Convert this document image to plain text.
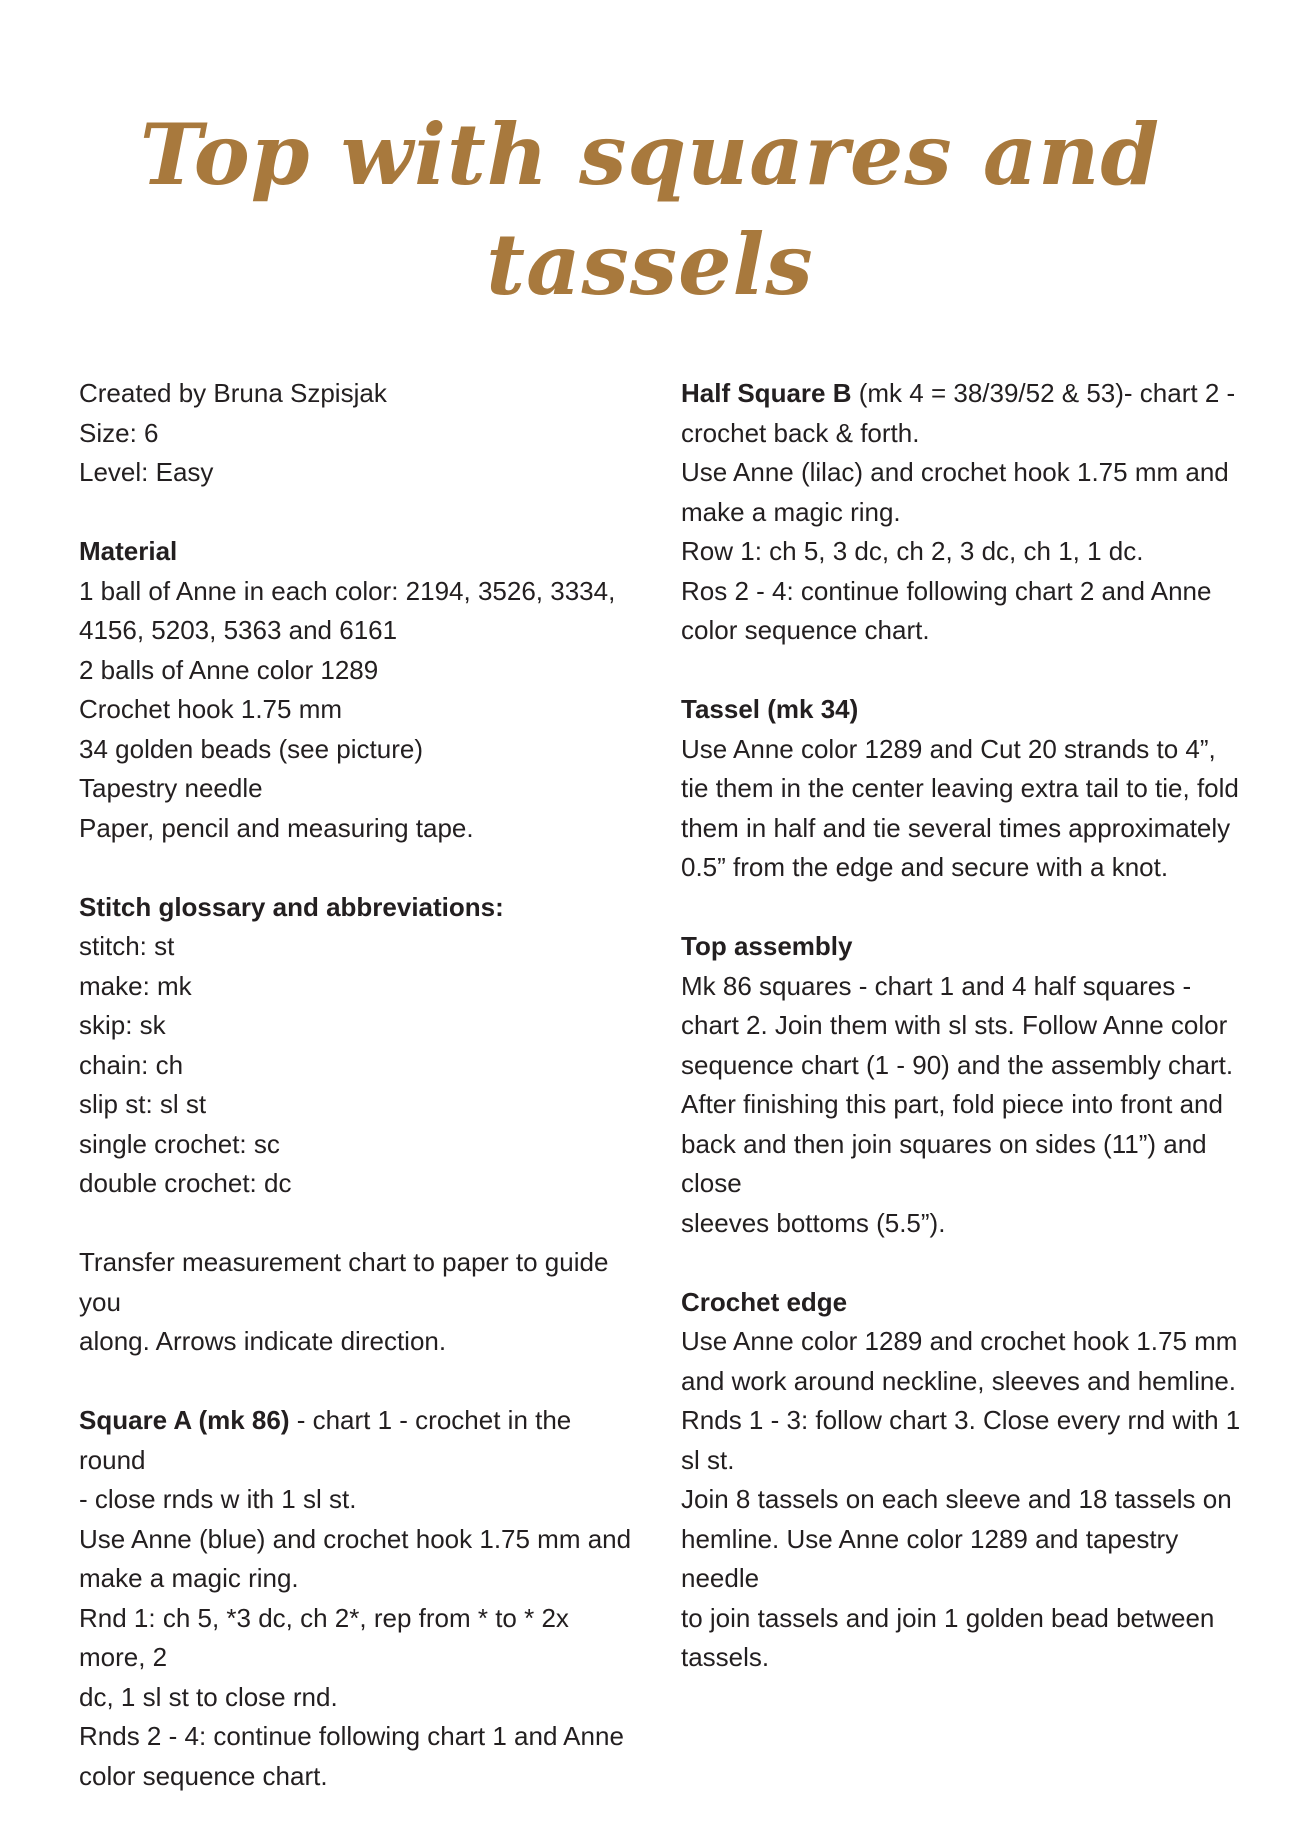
Top with squares and tassels

Created by Bruna Szpisjak

Size: 6

Level: Easy

Material

1 ball of Anne in each color: 2194, 3526, 3334,

4156, 5203, 5363 and 6161

2 balls of Anne color 1289

Crochet hook 1.75 mm

34 golden beads (see picture)

Tapestry needle

Paper, pencil and measuring tape.

Stitch glossary and abbreviations:

stitch: st

make: mk

skip: sk

chain: ch

slip st: sl st

single crochet: sc

double crochet: dc

Transfer measurement chart to paper to guide you

along. Arrows indicate direction.

Square A (mk 86) - chart 1 - crochet in the round

- close rnds w ith 1 sl st.

Use Anne (blue) and crochet hook 1.75 mm and

make a magic ring.

Rnd 1: ch 5, *3 dc, ch 2*, rep from * to * 2x more, 2

dc, 1 sl st to close rnd.

Rnds 2 - 4: continue following chart 1 and Anne

color sequence chart.

Half Square B (mk 4 = 38/39/52 & 53)- chart 2 -

crochet back & forth.

Use Anne (lilac) and crochet hook 1.75 mm and

make a magic ring.

Row 1: ch 5, 3 dc, ch 2, 3 dc, ch 1, 1 dc.

Ros 2 - 4: continue following chart 2 and Anne

color sequence chart.

Tassel (mk 34)

Use Anne color 1289 and Cut 20 strands to 4”,

tie them in the center leaving extra tail to tie, fold

them in half and tie several times approximately

0.5” from the edge and secure with a knot.

Top assembly

Mk 86 squares - chart 1 and 4 half squares -

chart 2. Join them with sl sts. Follow Anne color

sequence chart (1 - 90) and the assembly chart.

After finishing this part, fold piece into front and

back and then join squares on sides (11”) and close

sleeves bottoms (5.5”).

Crochet edge

Use Anne color 1289 and crochet hook 1.75 mm

and work around neckline, sleeves and hemline.

Rnds 1 - 3: follow chart 3. Close every rnd with 1 sl st.

Join 8 tassels on each sleeve and 18 tassels on

hemline. Use Anne color 1289 and tapestry needle

to join tassels and join 1 golden bead between

tassels.
